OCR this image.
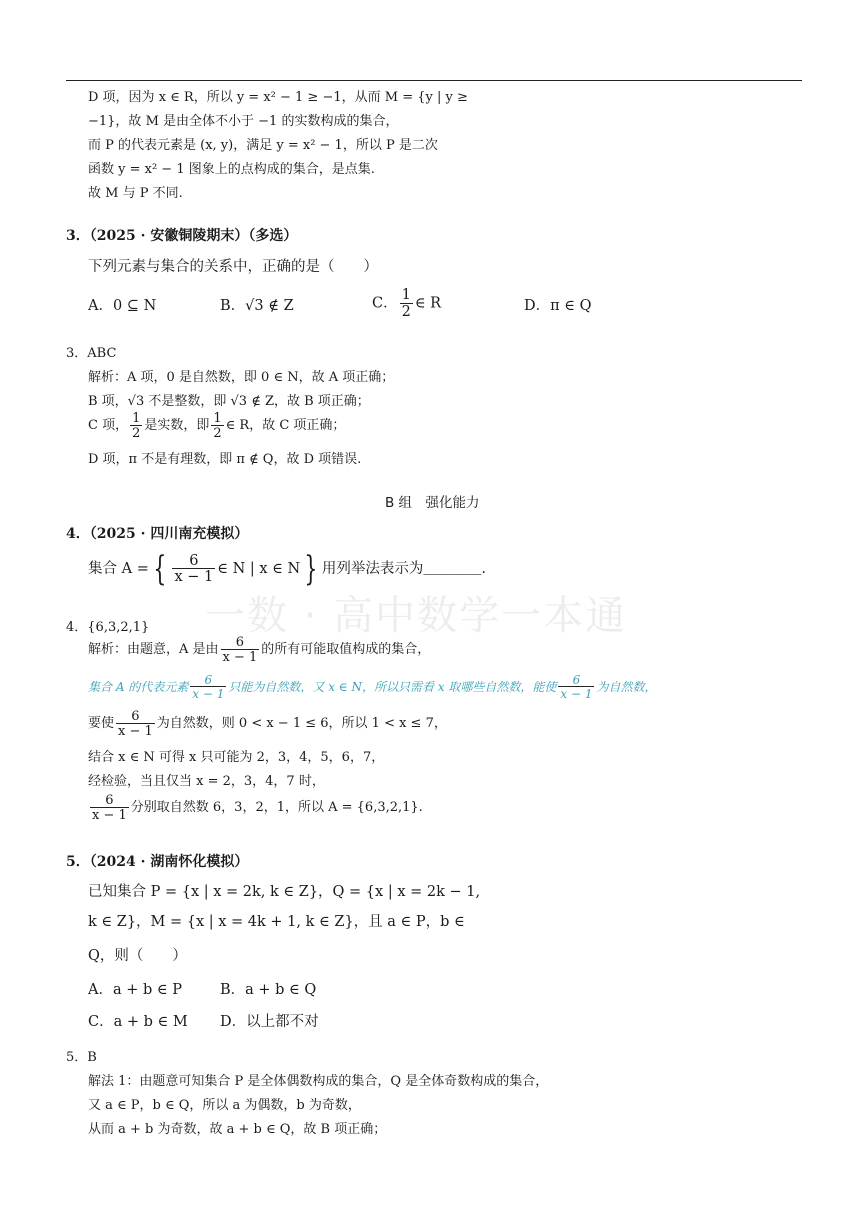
一数 · 高中数学一本通
D 项，因为 x ∈ R，所以 y = x² − 1 ≥ −1，从而 M = {y | y ≥
−1}，故 M 是由全体不小于 −1 的实数构成的集合，
而 P 的代表元素是 (x, y)，满足 y = x² − 1，所以 P 是二次
函数 y = x² − 1 图象上的点构成的集合，是点集.
故 M 与 P 不同.
3．（2025 · 安徽铜陵期末）（多选）
下列元素与集合的关系中，正确的是（　　）
A．0 ⊆ N	B．√3 ∉ Z	C． $\frac{1}{2}$ ∈ R	D．π ∈ Q
3．ABC
解析：A 项，0 是自然数，即 0 ∈ N，故 A 项正确；
B 项，√3 不是整数，即 √3 ∉ Z，故 B 项正确；
C 项， $\frac{1}{2}$ 是实数，即 $\frac{1}{2}$ ∈ R，故 C 项正确；
D 项，π 不是有理数，即 π ∉ Q，故 D 项错误.
B 组　强化能力
4．（2025 · 四川南充模拟）
集合 A = { $\frac{6}{x - 1}$ ∈ N | x ∈ N } 用列举法表示为＿＿＿＿.
4．{6,3,2,1}
解析：由题意，A 是由 $\frac{6}{x - 1}$ 的所有可能取值构成的集合，
集合 A 的代表元素 $\frac{6}{x - 1}$ 只能为自然数，又 x ∈ N，所以只需看 x 取哪些自然数，能使 $\frac{6}{x - 1}$ 为自然数，
要使 $\frac{6}{x - 1}$ 为自然数，则 0 < x − 1 ≤ 6，所以 1 < x ≤ 7，
结合 x ∈ N 可得 x 只可能为 2，3，4，5，6，7，
经检验，当且仅当 x = 2，3，4，7 时，
$\frac{6}{x - 1}$ 分别取自然数 6，3，2，1，所以 A = {6,3,2,1}.
5．（2024 · 湖南怀化模拟）
已知集合 P = {x | x = 2k, k ∈ Z}，Q = {x | x = 2k − 1,
k ∈ Z}，M = {x | x = 4k + 1, k ∈ Z}，且 a ∈ P，b ∈
Q，则（　　）
A．a + b ∈ P	B．a + b ∈ Q
C．a + b ∈ M D．以上都不对
5．B
解法 1：由题意可知集合 P 是全体偶数构成的集合，Q 是全体奇数构成的集合，
又 a ∈ P，b ∈ Q，所以 a 为偶数，b 为奇数，
从而 a + b 为奇数，故 a + b ∈ Q，故 B 项正确；
